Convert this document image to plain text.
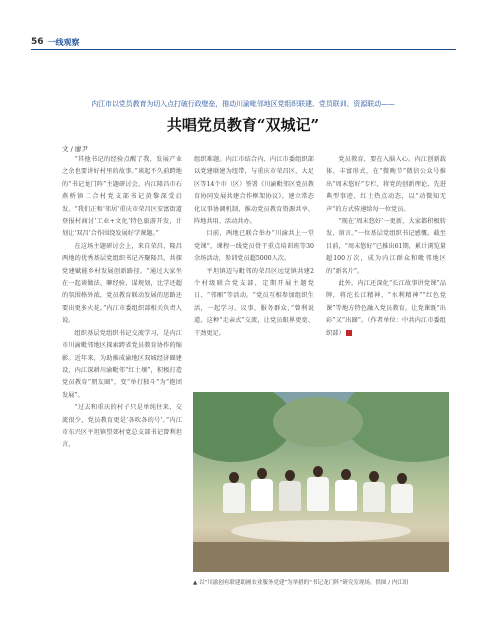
56 一线观察
内江市以党员教育为切入点打破行政壁垒，推动川渝毗邻地区党组织联建、党员联训、资源联动——
共唱党员教育“双城记”
文 / 廖尹

“其他书记的经验点醒了我，发展产业之余也要讲好村里的故事。”谈起不久前跨地的“书记龙门阵”主题研讨会，内江隆昌市石燕桥镇二合村党支部书记黄黎深受启发。“我们正和‘邻居’重庆市荣昌区安富街道登报村商讨‘工业+文化’特色旅游开发，计划让‘双昌’合作围绕发展好学课题。”

在这场主题研讨会上，来自荣昌、隆昌两地的优秀基层党组织书记齐聚隆昌，共探党建赋能乡村发展创新路径。“通过大家坐在一起谈做法、聊经验、谋规划，比学还超的氛围格外浓，党员教育联动发展的思路还要出更多火花。”内江市委组织部相关负责人说。

组织基层党组织书记交流学习，是内江市川渝毗邻地区探索跨省党员教育协作的缩影。近年来，为助推成渝地区双城经济圈建设，内江深耕川渝毗邻“红土壤”，积极打造党员教育“朋友圈”，变“单打独斗”为“抱团发展”。

“过去和重庆的村子只是单纯往来，交流很少，党员教育更是‘各吹各的号’。”内江市东兴区平坦镇望郊村党总支部书记曾利坦言，

组织难题。内江市结合内、内江市委组织部以党建联建为纽带，与重庆市荣昌区、大足区等14个市（区）签署《川渝毗邻区党员教育协同发展共建合作框架协议》，建立常态化议事协调机制，推动党员教育资源共享、阵地共用、活动共办。

目前，两地已联合举办“川渝共上一堂党课”，课程一线党员骨干重点培训班等30余场活动，参训党员超5000人次。

平坦镇迈与毗邻的荣昌区远觉镇共建2个村级联合党支部，定期开展主题党日、“邻厢”等活动。“党员互相参加组织生活，一起学习、议事，服务群众，”曾利说道，这种“走亲式”交流，让党员眼界更宽、干劲更足。

党员教育，要在入脑入心。内江创新载体、丰富形式，在“微晚节”微信公众号推出“周末悠好”专栏，将党的创新理论、先进典型事迹、红土热点动态，以“动微知无声”的方式传递给每一位党员。

“现在‘周末悠好’一更新，大家都积极转发、留言。”一位基层党组织书记感慨。截至目前，“周末悠好”已推出61期，累计浏览量超100万次，成为内江群众和毗邻地区的“新名片”。

此外，内江还深化“长江故事讲党课”品牌，将沱长江精神、“水利精神”“红色党课”等地方特色融入党员教育，让党课既“出彩”又“出圈”。（作者单位：中共内江市委组织部）	図

▲ 以“川渝创有联建助圃农业服务党建”为举措的“书记龙门阵”研究室现场。供图 / 内江组
